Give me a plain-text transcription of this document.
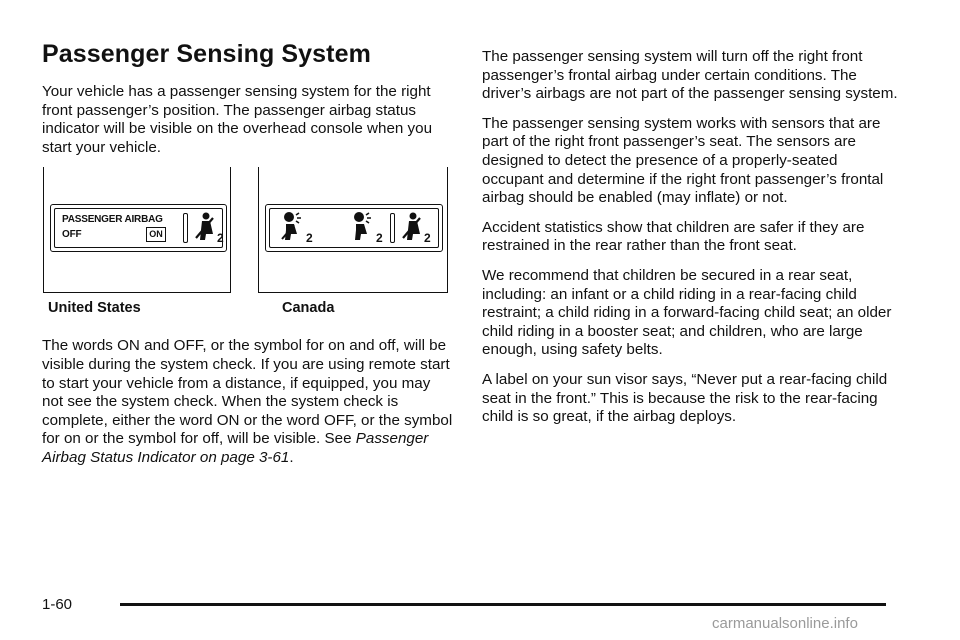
Passenger Sensing System

Your vehicle has a passenger sensing system for the right front passenger’s position. The passenger airbag status indicator will be visible on the overhead console when you start your vehicle.

PASSENGER AIRBAG
OFF	ON	2	2	2	2
United States	Canada

The words ON and OFF, or the symbol for on and off, will be visible during the system check. If you are using remote start to start your vehicle from a distance, if equipped, you may not see the system check. When the system check is complete, either the word ON or the word OFF, or the symbol for on or the symbol for off, will be visible. See Passenger Airbag Status Indicator on page 3-61.

The passenger sensing system will turn off the right front passenger’s frontal airbag under certain conditions. The driver’s airbags are not part of the passenger sensing system.

The passenger sensing system works with sensors that are part of the right front passenger’s seat. The sensors are designed to detect the presence of a properly-seated occupant and determine if the right front passenger’s frontal airbag should be enabled (may inflate) or not.

Accident statistics show that children are safer if they are restrained in the rear rather than the front seat.

We recommend that children be secured in a rear seat, including: an infant or a child riding in a rear-facing child restraint; a child riding in a forward-facing child seat; an older child riding in a booster seat; and children, who are large enough, using safety belts.

A label on your sun visor says, “Never put a rear-facing child seat in the front.” This is because the risk to the rear-facing child is so great, if the airbag deploys.

1-60
carmanualsonline.info
